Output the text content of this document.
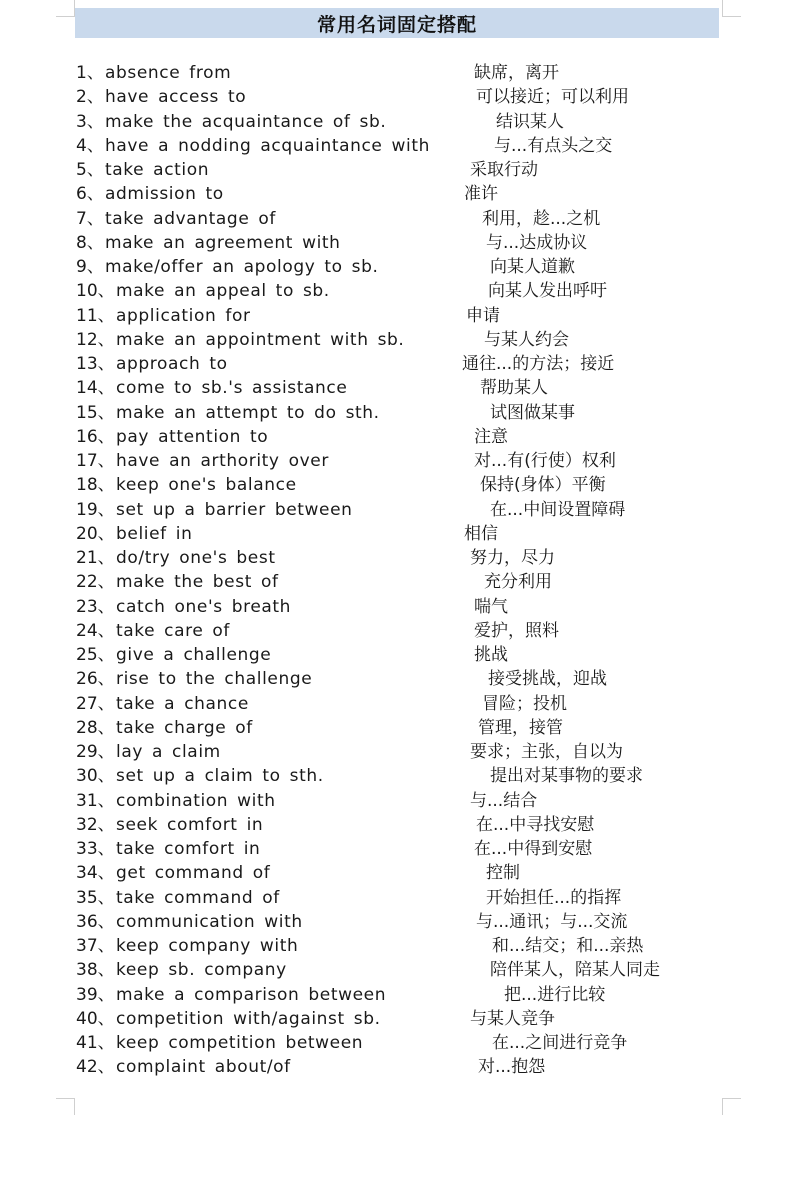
常用名词固定搭配
1、 absence from	缺席，离开
2、 have access to	可以接近；可以利用
3、 make the acquaintance of sb.	结识某人
4、 have a nodding acquaintance with	与...有点头之交
5、 take action	采取行动
6、 admission to	准许
7、 take advantage of	利用，趁...之机
8、 make an agreement with	与...达成协议
9、 make/offer an apology to sb.	向某人道歉
10、 make an appeal to sb.	向某人发出呼吁
11、 application for	申请
12、 make an appointment with sb.	与某人约会
13、 approach to	通往...的方法；接近
14、 come to sb.'s assistance	帮助某人
15、 make an attempt to do sth.	试图做某事
16、 pay attention to	注意
17、 have an arthority over	对...有(行使）权利
18、 keep one's balance	保持(身体）平衡
19、 set up a barrier between	在...中间设置障碍
20、 belief in	相信
21、 do/try one's best	努力，尽力
22、 make the best of	充分利用
23、 catch one's breath	喘气
24、 take care of	爱护，照料
25、 give a challenge	挑战
26、 rise to the challenge	接受挑战，迎战
27、 take a chance	冒险；投机
28、 take charge of	管理，接管
29、 lay a claim	要求；主张，自以为
30、 set up a claim to sth.	提出对某事物的要求
31、 combination with	与...结合
32、 seek comfort in	在...中寻找安慰
33、 take comfort in	在...中得到安慰
34、 get command of	控制
35、 take command of	开始担任...的指挥
36、 communication with	与...通讯；与...交流
37、 keep company with	和...结交；和...亲热
38、 keep sb. company	陪伴某人，陪某人同走
39、 make a comparison between	把...进行比较
40、 competition with/against sb.	与某人竞争
41、 keep competition between	在...之间进行竞争
42、 complaint about/of	对...抱怨
